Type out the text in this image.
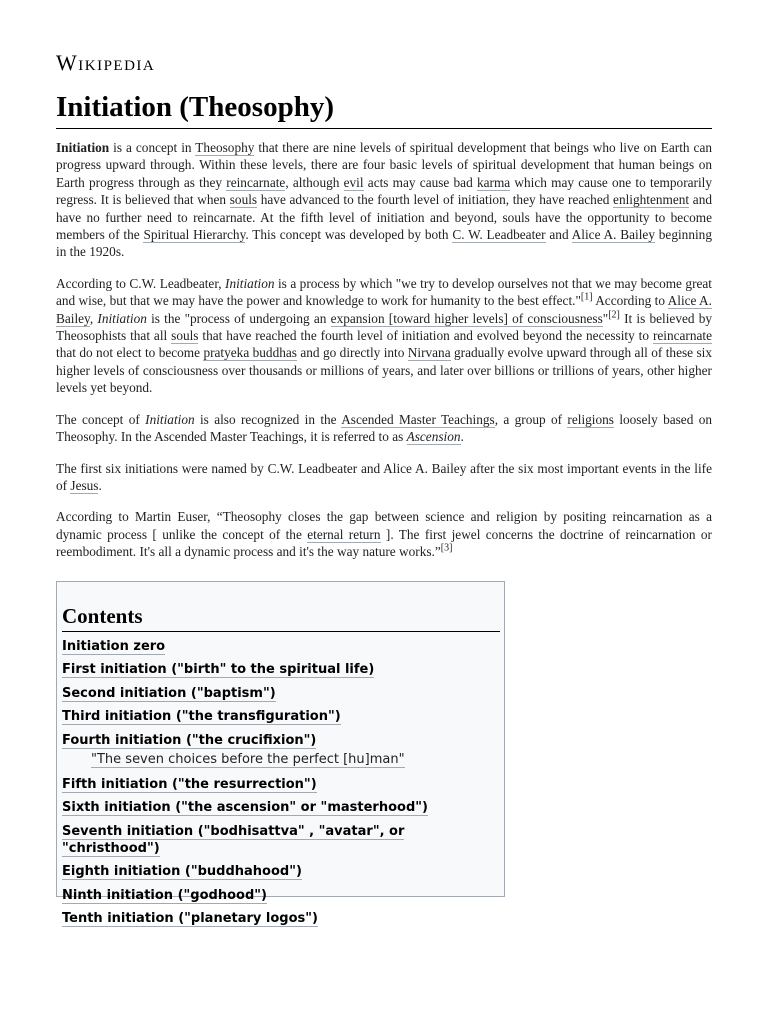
Wikipedia
Initiation (Theosophy)

Initiation is a concept in Theosophy that there are nine levels of spiritual development that beings who live on Earth can progress upward through. Within these levels, there are four basic levels of spiritual development that human beings on Earth progress through as they reincarnate, although evil acts may cause bad karma which may cause one to temporarily regress. It is believed that when souls have advanced to the fourth level of initiation, they have reached enlightenment and have no further need to reincarnate. At the fifth level of initiation and beyond, souls have the opportunity to become members of the Spiritual Hierarchy. This concept was developed by both C. W. Leadbeater and Alice A. Bailey beginning in the 1920s.

According to C.W. Leadbeater, Initiation is a process by which "we try to develop ourselves not that we may become great and wise, but that we may have the power and knowledge to work for humanity to the best effect."[1] According to Alice A. Bailey, Initiation is the "process of undergoing an expansion [toward higher levels] of consciousness"[2] It is believed by Theosophists that all souls that have reached the fourth level of initiation and evolved beyond the necessity to reincarnate that do not elect to become pratyeka buddhas and go directly into Nirvana gradually evolve upward through all of these six higher levels of consciousness over thousands or millions of years, and later over billions or trillions of years, other higher levels yet beyond.

The concept of Initiation is also recognized in the Ascended Master Teachings, a group of religions loosely based on Theosophy. In the Ascended Master Teachings, it is referred to as Ascension.

The first six initiations were named by C.W. Leadbeater and Alice A. Bailey after the six most important events in the life of Jesus.

According to Martin Euser, “Theosophy closes the gap between science and religion by positing reincarnation as a dynamic process [ unlike the concept of the eternal return ]. The first jewel concerns the doctrine of reincarnation or reembodiment. It's all a dynamic process and it's the way nature works.”[3]

Contents
Initiation zero
First initiation ("birth" to the spiritual life)
Second initiation ("baptism")
Third initiation ("the transfiguration")
Fourth initiation ("the crucifixion")
"The seven choices before the perfect [hu]man"
Fifth initiation ("the resurrection")
Sixth initiation ("the ascension" or "masterhood")
Seventh initiation ("bodhisattva" , "avatar", or "christhood")
Eighth initiation ("buddhahood")
Ninth initiation ("godhood")
Tenth initiation ("planetary logos")
